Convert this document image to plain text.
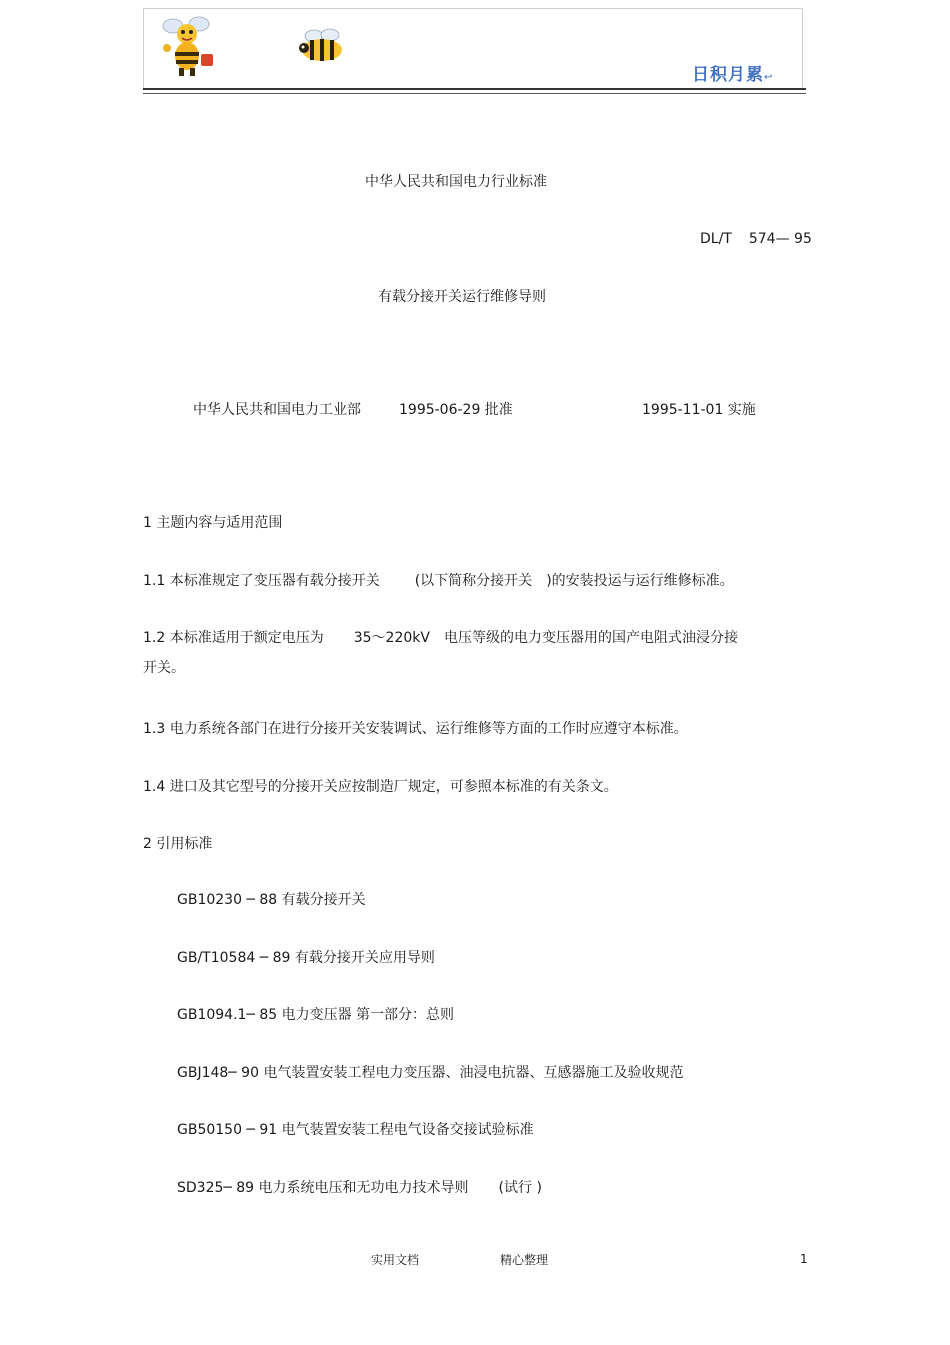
日积月累↩
中华人民共和国电力行业标准
DL/T 574— 95
有载分接开关运行维修导则
中华人民共和国电力工业部	1995-06-29 批准	1995-11-01 实施
1 主题内容与适用范围
1.1 本标准规定了变压器有载分接开关	(以下简称分接开关 )的安装投运与运行维修标准。
1.2 本标准适用于额定电压为 35～220kV 电压等级的电力变压器用的国产电阻式油浸分接
开关。
1.3 电力系统各部门在进行分接开关安装调试、运行维修等方面的工作时应遵守本标准。
1.4 进口及其它型号的分接开关应按制造厂规定，可参照本标准的有关条文。
2 引用标准
GB10230 ─ 88 有载分接开关
GB/T10584 ─ 89 有载分接开关应用导则
GB1094.1─ 85 电力变压器 第一部分：总则
GBJ148─ 90 电气装置安装工程电力变压器、油浸电抗器、互感器施工及验收规范
GB50150 ─ 91 电气装置安装工程电气设备交接试验标准
SD325─ 89 电力系统电压和无功电力技术导则 (试行 )
实用文档	精心整理	1
